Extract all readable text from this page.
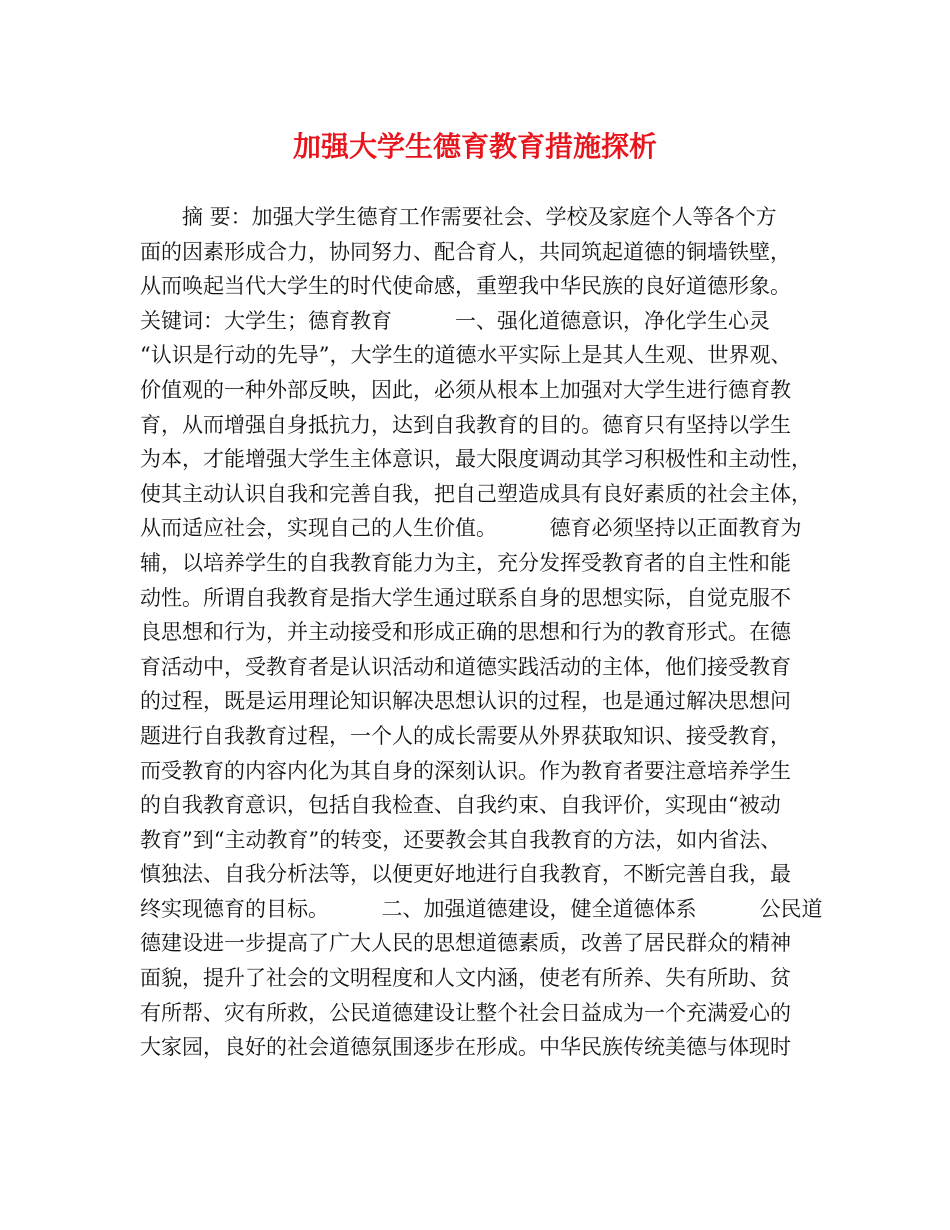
加强大学生德育教育措施探析
　　摘 要：加强大学生德育工作需要社会、学校及家庭个人等各个方
面的因素形成合力，协同努力、配合育人，共同筑起道德的铜墙铁壁，
从而唤起当代大学生的时代使命感，重塑我中华民族的良好道德形象。
关键词：大学生；德育教育　　　一、强化道德意识，净化学生心灵
“认识是行动的先导”，大学生的道德水平实际上是其人生观、世界观、
价值观的一种外部反映，因此，必须从根本上加强对大学生进行德育教
育，从而增强自身抵抗力，达到自我教育的目的。德育只有坚持以学生
为本，才能增强大学生主体意识，最大限度调动其学习积极性和主动性，
使其主动认识自我和完善自我，把自己塑造成具有良好素质的社会主体，
从而适应社会，实现自己的人生价值。　　　德育必须坚持以正面教育为
辅，以培养学生的自我教育能力为主，充分发挥受教育者的自主性和能
动性。所谓自我教育是指大学生通过联系自身的思想实际，自觉克服不
良思想和行为，并主动接受和形成正确的思想和行为的教育形式。在德
育活动中，受教育者是认识活动和道德实践活动的主体，他们接受教育
的过程，既是运用理论知识解决思想认识的过程，也是通过解决思想问
题进行自我教育过程，一个人的成长需要从外界获取知识、接受教育，
而受教育的内容内化为其自身的深刻认识。作为教育者要注意培养学生
的自我教育意识，包括自我检查、自我约束、自我评价，实现由“被动
教育”到“主动教育”的转变，还要教会其自我教育的方法，如内省法、
慎独法、自我分析法等，以便更好地进行自我教育，不断完善自我，最
终实现德育的目标。　　　二、加强道德建设，健全道德体系　　　公民道
德建设进一步提高了广大人民的思想道德素质，改善了居民群众的精神
面貌，提升了社会的文明程度和人文内涵，使老有所养、失有所助、贫
有所帮、灾有所救，公民道德建设让整个社会日益成为一个充满爱心的
大家园，良好的社会道德氛围逐步在形成。中华民族传统美德与体现时
